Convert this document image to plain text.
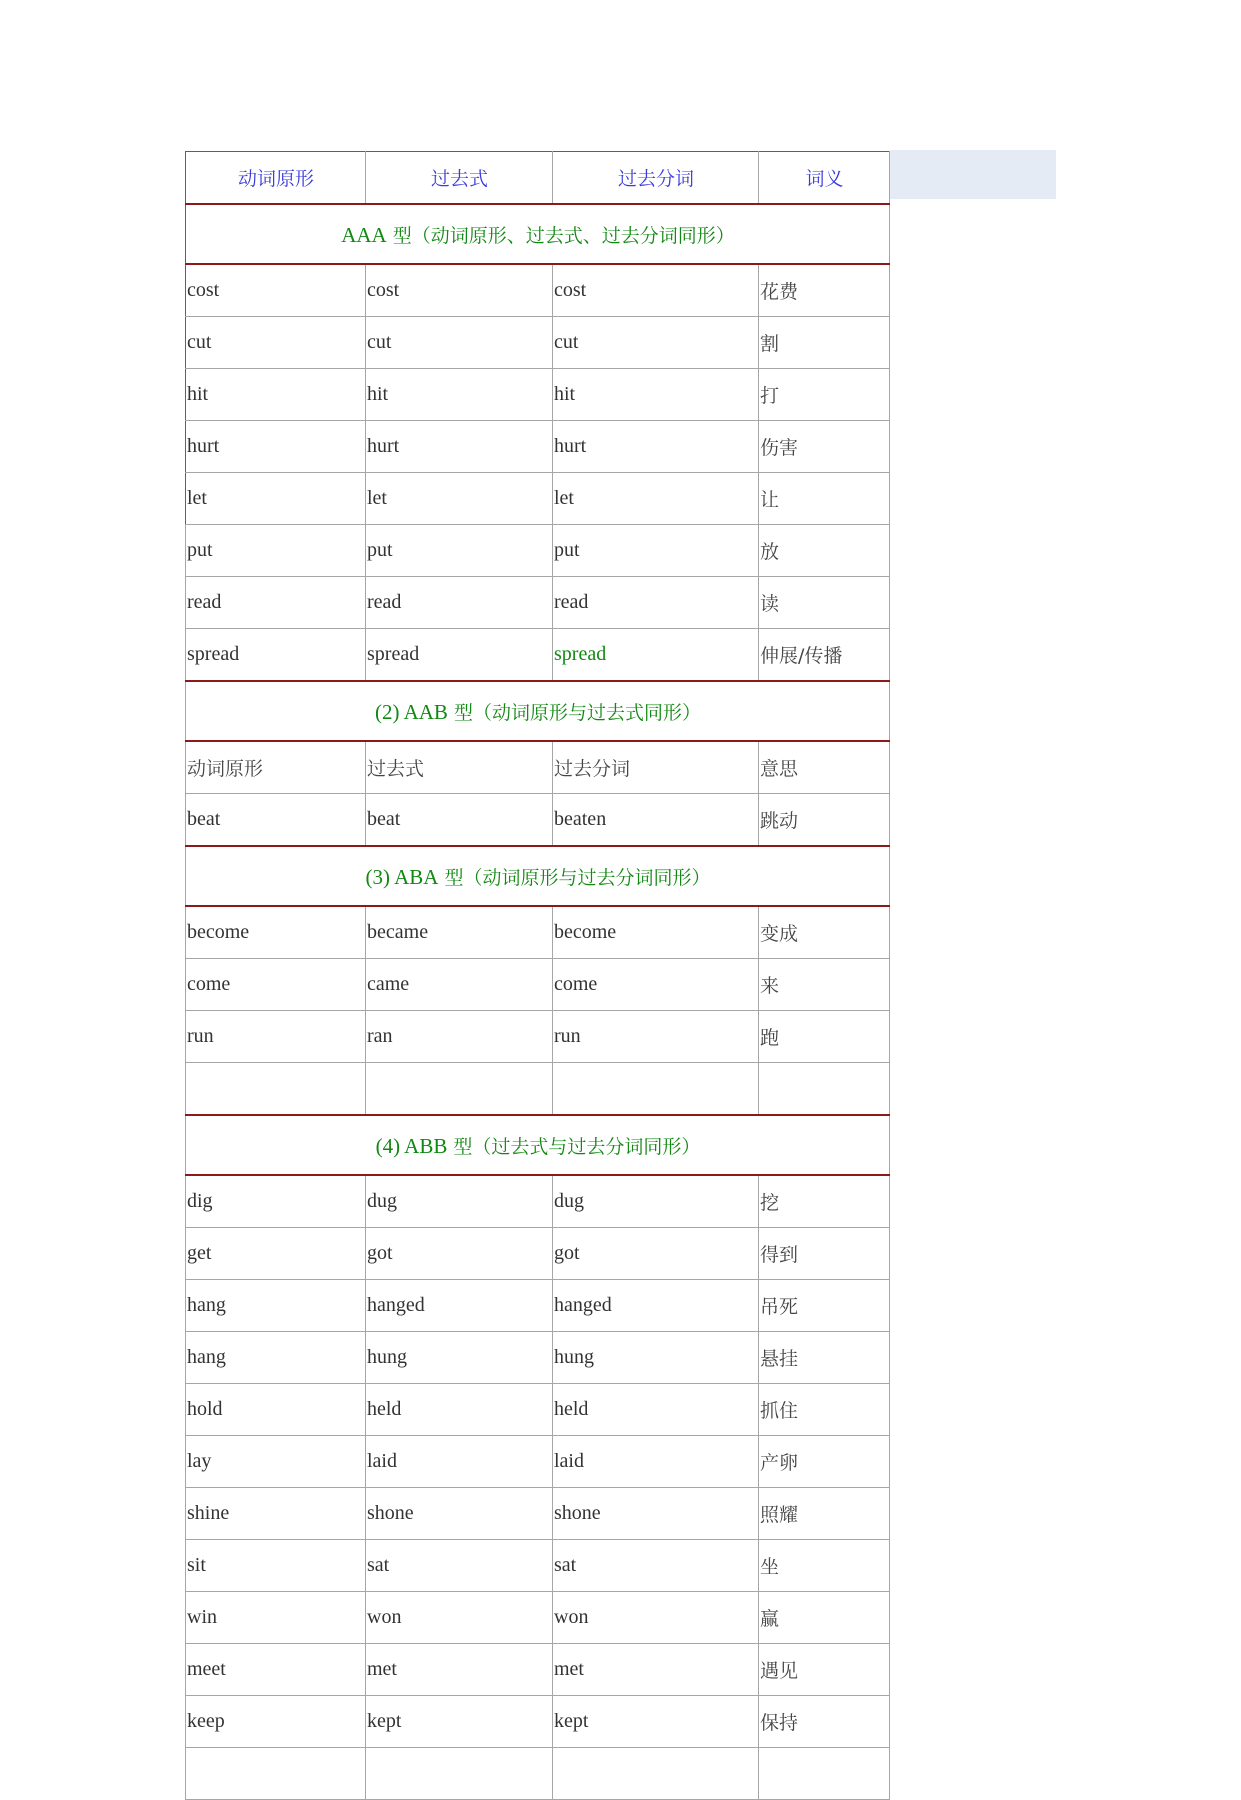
动词原形	过去式	过去分词	词义
AAA 型（动词原形、过去式、过去分词同形）			
cost	cost	cost	花费
cut	cut	cut	割
hit	hit	hit	打
hurt	hurt	hurt	伤害
let	let	let	让
put	put	put	放
read	read	read	读
spread	spread	spread	伸展/传播
(2) AAB 型（动词原形与过去式同形）			
动词原形	过去式	过去分词	意思
beat	beat	beaten	跳动
(3) ABA 型（动词原形与过去分词同形）			
become	became	become	变成
come	came	come	来
run	ran	run	跑

(4) ABB 型（过去式与过去分词同形）			
dig	dug	dug	挖
get	got	got	得到
hang	hanged	hanged	吊死
hang	hung	hung	悬挂
hold	held	held	抓住
lay	laid	laid	产卵
shine	shone	shone	照耀
sit	sat	sat	坐
win	won	won	赢
meet	met	met	遇见
keep	kept	kept	保持
